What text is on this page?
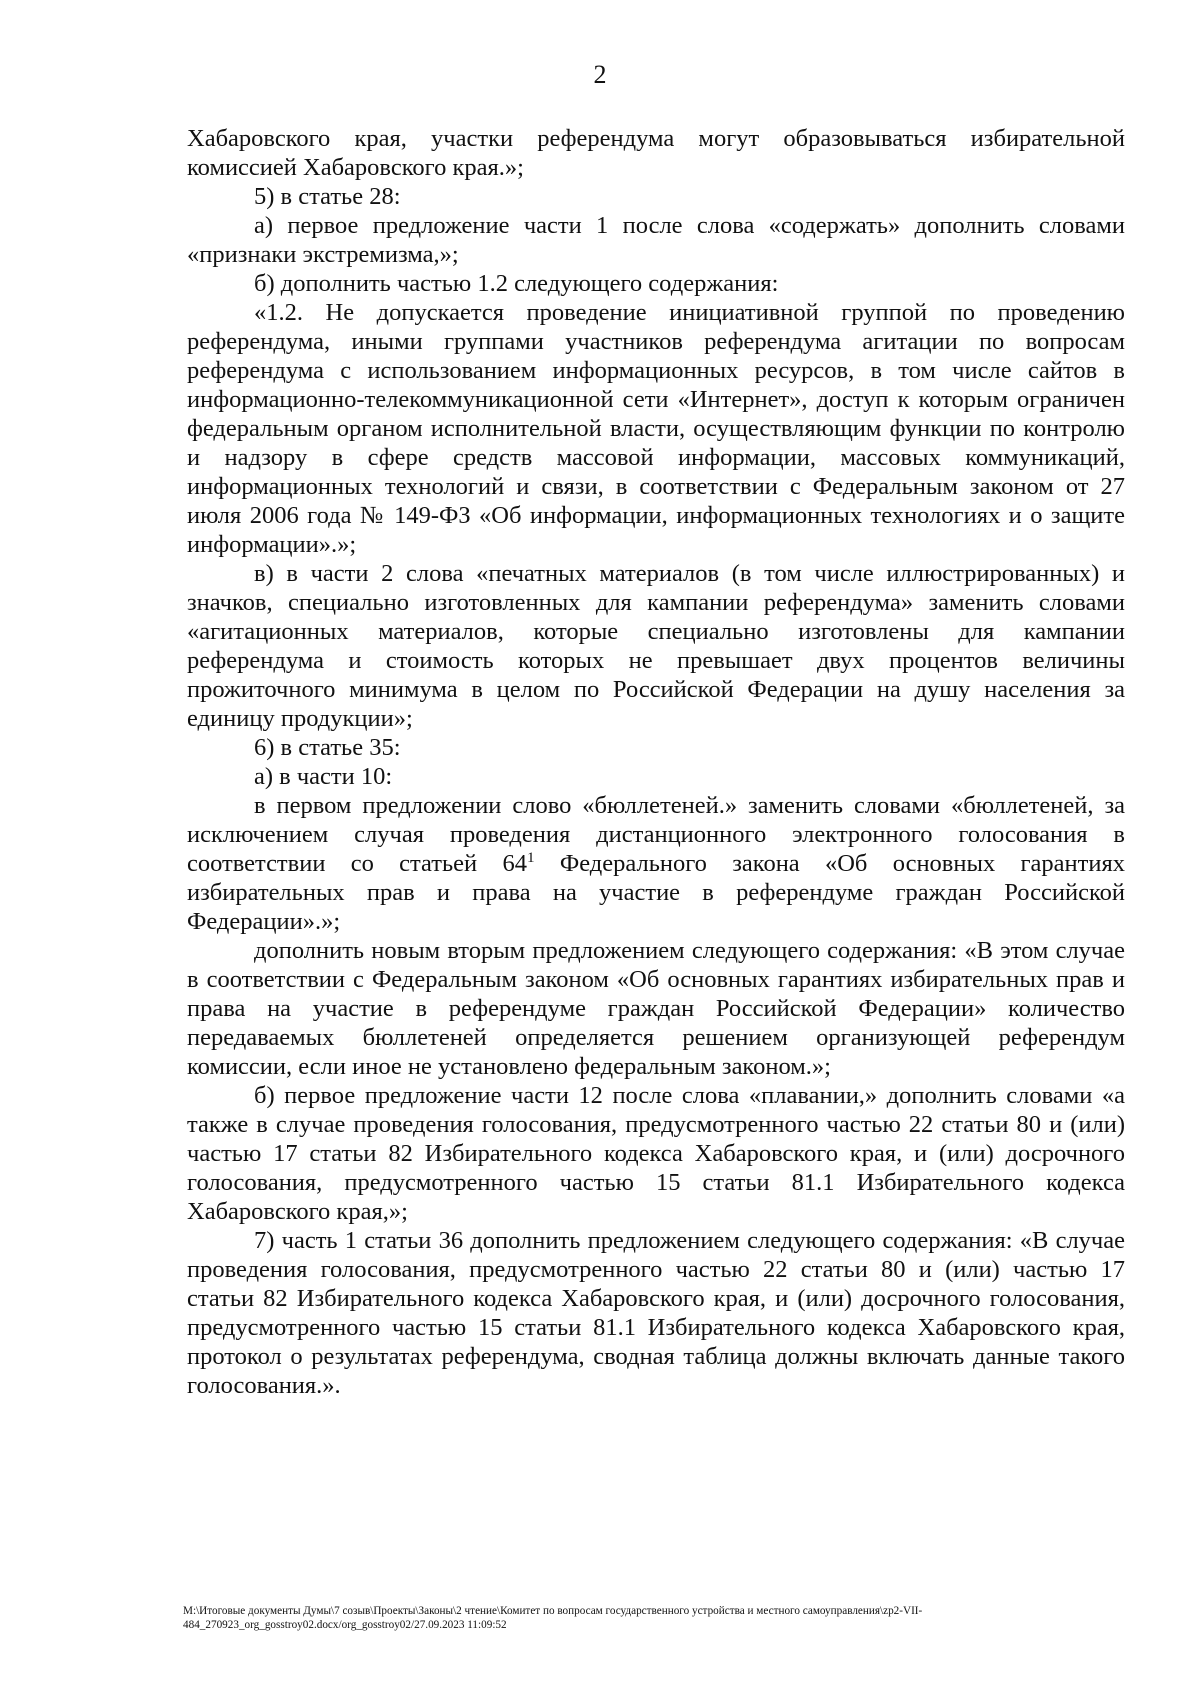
2

Хабаровского края, участки референдума могут образовываться избирательной комиссией Хабаровского края.»;

5) в статье 28:

а) первое предложение части 1 после слова «содержать» дополнить словами «признаки экстремизма,»;

б) дополнить частью 1.2 следующего содержания:

«1.2. Не допускается проведение инициативной группой по проведению референдума, иными группами участников референдума агитации по вопросам референдума с использованием информационных ресурсов, в том числе сайтов в информационно-телекоммуникационной сети «Интернет», доступ к которым ограничен федеральным органом исполнительной власти, осуществляющим функции по контролю и надзору в сфере средств массовой информации, массовых коммуникаций, информационных технологий и связи, в соответствии с Федеральным законом от 27 июля 2006 года № 149-ФЗ «Об информации, информационных технологиях и о защите информации».»;

в) в части 2 слова «печатных материалов (в том числе иллюстрированных) и значков, специально изготовленных для кампании референдума» заменить словами «агитационных материалов, которые специально изготовлены для кампании референдума и стоимость которых не превышает двух процентов величины прожиточного минимума в целом по Российской Федерации на душу населения за единицу продукции»;

6) в статье 35:

а) в части 10:

в первом предложении слово «бюллетеней.» заменить словами «бюллетеней, за исключением случая проведения дистанционного электронного голосования в соответствии со статьей $64^1$ Федерального закона «Об основных гарантиях избирательных прав и права на участие в референдуме граждан Российской Федерации».»;

дополнить новым вторым предложением следующего содержания: «В этом случае в соответствии с Федеральным законом «Об основных гарантиях избирательных прав и права на участие в референдуме граждан Российской Федерации» количество передаваемых бюллетеней определяется решением организующей референдум комиссии, если иное не установлено федеральным законом.»;

б) первое предложение части 12 после слова «плавании,» дополнить словами «а также в случае проведения голосования, предусмотренного частью 22 статьи 80 и (или) частью 17 статьи 82 Избирательного кодекса Хабаровского края, и (или) досрочного голосования, предусмотренного частью 15 статьи 81.1 Избирательного кодекса Хабаровского края,»;

7) часть 1 статьи 36 дополнить предложением следующего содержания: «В случае проведения голосования, предусмотренного частью 22 статьи 80 и (или) частью 17 статьи 82 Избирательного кодекса Хабаровского края, и (или) досрочного голосования, предусмотренного частью 15 статьи 81.1 Избирательного кодекса Хабаровского края, протокол о результатах референдума, сводная таблица должны включать данные такого голосования.».

M:\Итоговые документы Думы\7 созыв\Проекты\Законы\2 чтение\Комитет по вопросам государственного устройства и местного самоуправления\zp2-VII-
484_270923_org_gosstroy02.docx/org_gosstroy02/27.09.2023 11:09:52
